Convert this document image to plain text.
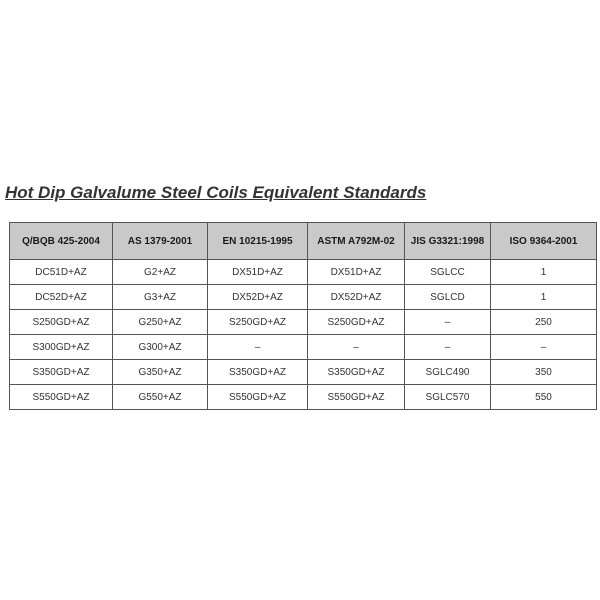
Hot Dip Galvalume Steel Coils Equivalent Standards
Q/BQB 425-2004	AS 1379-2001	EN 10215-1995	ASTM A792M-02	JIS G3321:1998	ISO 9364-2001
DC51D+AZ	G2+AZ	DX51D+AZ	DX51D+AZ	SGLCC	1
DC52D+AZ	G3+AZ	DX52D+AZ	DX52D+AZ	SGLCD	1
S250GD+AZ	G250+AZ	S250GD+AZ	S250GD+AZ	–	250
S300GD+AZ	G300+AZ	–	–	–	–
S350GD+AZ	G350+AZ	S350GD+AZ	S350GD+AZ	SGLC490	350
S550GD+AZ	G550+AZ	S550GD+AZ	S550GD+AZ	SGLC570	550
